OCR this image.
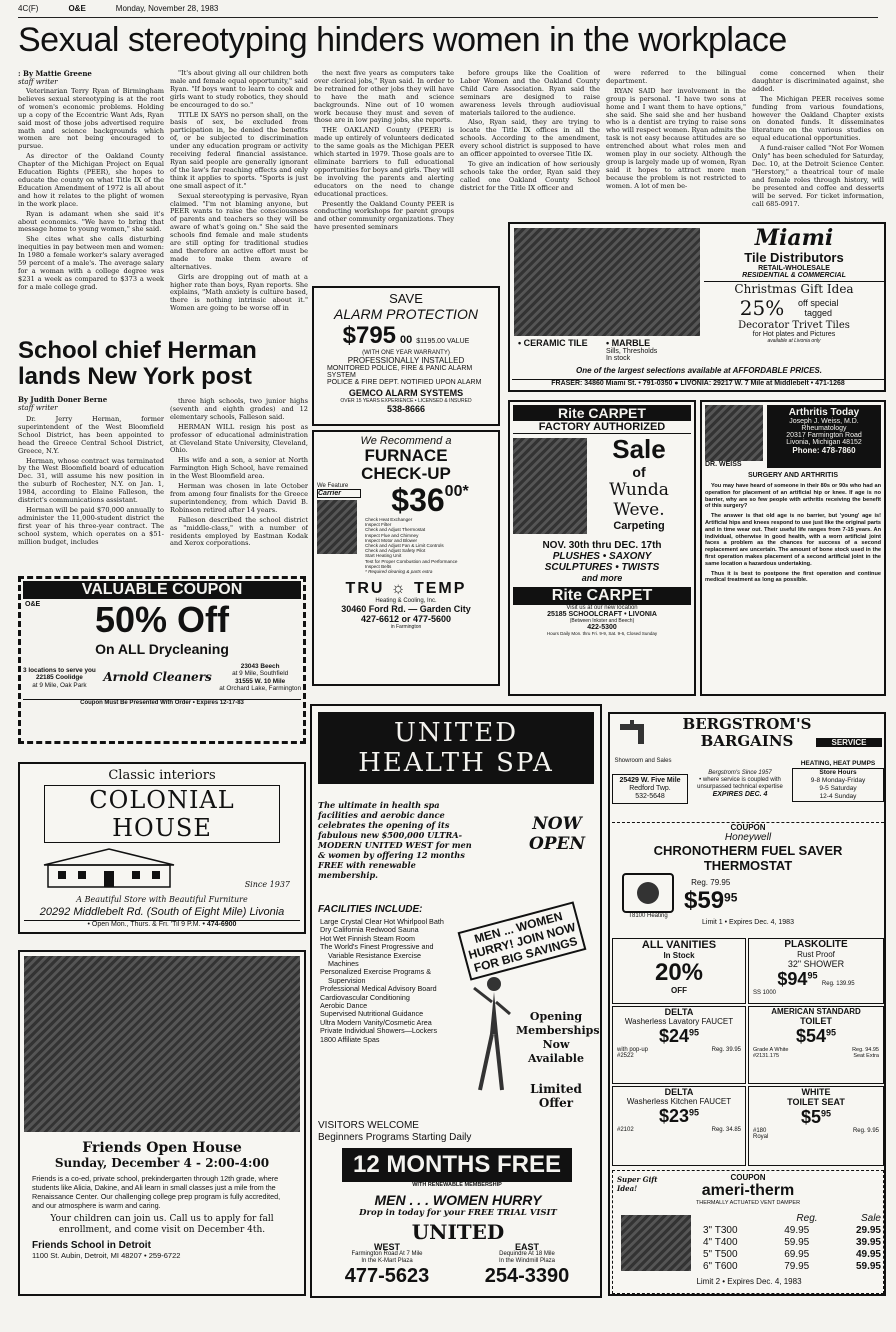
4C(F)	O&E	Monday, November 28, 1983
Sexual stereotyping hinders women in the workplace
: By Mattie Greene
staff writer

Veterinarian Terry Ryan of Birmingham believes sexual stereotyping is at the root of women's economic problems. Holding up a copy of the Eccentric Want Ads, Ryan said most of those jobs advertised require math and science backgrounds which women are not being encouraged to pursue.

As director of the Oakland County Chapter of the Michigan Project on Equal Education Rights (PEER), she hopes to educate the county on what Title IX of the Education Amendment of 1972 is all about and how it relates to the plight of women in the work place.

Ryan is adamant when she said it's about economics. "We have to bring that message home to young women," she said.

She cites what she calls disturbing inequities in pay between men and women: In 1980 a female worker's salary averaged 59 percent of a male's. The average salary for a woman with a college degree was $231 a week as compared to $373 a week for a male college grad.

"It's about giving all our children both male and female equal opportunity," said Ryan. "If boys want to learn to cook and girls want to study robotics, they should be encouraged to do so."

TITLE IX SAYS no person shall, on the basis of sex, be excluded from participation in, be denied the benefits of, or be subjected to discrimination under any education program or activity receiving federal financial assistance. Ryan said people are generally ignorant of the law's far reaching effects and only think it applies to sports. "Sports is just one small aspect of it."

Sexual stereotyping is pervasive, Ryan claimed. "I'm not blaming anyone, but PEER wants to raise the consciousness of parents and teachers so they will be aware of what's going on." She said the schools find female and male students are still opting for traditional studies and therefore an active effort must be made to make them aware of alternatives.

Girls are dropping out of math at a higher rate than boys, Ryan reports. She explains, "Math anxiety is culture based, there is nothing intrinsic about it." Women are going to be worse off in

the next five years as computers take over clerical jobs," Ryan said. In order to be retrained for other jobs they will have to have the math and science backgrounds. Nine out of 10 women work because they must and seven of those are in low paying jobs, she reports.

THE OAKLAND County (PEER) is made up entirely of volunteers dedicated to the same goals as the Michigan PEER which started in 1979. Those goals are to eliminate barriers to full educational opportunities for boys and girls. They will be involving the parents and alerting educators on the need to change educational practices.

Presently the Oakland County PEER is conducting workshops for parent groups and other community organizations. They have presented seminars

before groups like the Coalition of Labor Women and the Oakland County Child Care Association. Ryan said the seminars are designed to raise awareness levels through audiovisual materials tailored to the audience.

Also, Ryan said, they are trying to locate the Title IX offices in all the schools. According to the amendment, every school district is supposed to have an officer appointed to oversee Title IX.

To give an indication of how seriously schools take the order, Ryan said they called one Oakland County School district for the Title IX officer and

were referred to the bilingual department.

RYAN SAID her involvement in the group is personal. "I have two sons at home and I want them to have options," she said. She said she and her husband who is a dentist are trying to raise sons who will respect women. Ryan admits the task is not easy because attitudes are so entrenched about what roles men and women play in our society. Although the group is largely made up of women, Ryan said it hopes to attract more men because the problem is not restricted to women. A lot of men be-

come concerned when their daughter is discriminated against, she added.

The Michigan PEER receives some funding from various foundations, however the Oakland Chapter exists on donated funds. It disseminates literature on the various studies on equal educational opportunities.

A fund-raiser called "Not For Women Only" has been scheduled for Saturday, Dec. 10, at the Detroit Science Center. "Herstory," a theatrical tour of male and female roles through history, will be presented and coffee and desserts will be served. For ticket information, call 685-0917.

School chief Herman lands New York post
By Judith Doner Berne
staff writer

Dr. Jerry Herman, former superintendent of the West Bloomfield School District, has been appointed to head the Greece Central School District, Greece, N.Y.

Herman, whose contract was terminated by the West Bloomfield board of education Dec. 31, will assume his new position in the suburb of Rochester, N.Y. on Jan. 1, 1984, according to Elaine Falleson, the district's communications assistant.

Herman will be paid $70,000 annually to administer the 11,000-student district the first year of his three-year contract. The school system, which operates on a $51-million budget, includes

three high schools, two junior highs (seventh and eighth grades) and 12 elementary schools, Falleson said.

HERMAN WILL resign his post as professor of educational administration at Cleveland State University, Cleveland, Ohio.

His wife and a son, a senior at North Farmington High School, have remained in the West Bloomfield area.

Herman was chosen in late October from among four finalists for the Greece superintendency, from which David B. Robinson retired after 14 years.

Falleson described the school district as "middle-class," with a number of residents employed by Eastman Kodak and Xerox corporations.

SAVE
ALARM PROTECTION
$795 00 $1195.00 VALUE
(WITH ONE YEAR WARRANTY)
PROFESSIONALLY INSTALLED
MONITORED POLICE, FIRE & PANIC ALARM SYSTEM
POLICE & FIRE DEPT. NOTIFIED UPON ALARM
GEMCO ALARM SYSTEMS
OVER 15 YEARS EXPERIENCE • LICENSED & INSURED
538-8666
Miami
Tile Distributors
RETAIL-WHOLESALE
RESIDENTIAL & COMMERCIAL
Christmas Gift Idea
25%	off special tagged
Decorator Trivet Tiles
for Hot plates and Pictures
available at Livonia only
• CERAMIC TILE	• MARBLE
Sills, Thresholds
In stock
One of the largest selections available at AFFORDABLE PRICES.
FRASER: 34860 Miami St. • 791-0350 ● LIVONIA: 29217 W. 7 Mile at Middlebelt • 471-1268
We Recommend a
FURNACE
CHECK-UP
We Feature
Carrier	$36 00*
Check Heat Exchanger
Inspect Filter
Check and Adjust Thermostat
Inspect Flue and Chimney
Inspect Motor and Blower
Check and Adjust Fan & Limit Controls
Check and Adjust Safety Pilot
Start Heating Unit
Test for Proper Combustion and Performance
Inspect Belts
* Required cleaning & parts extra
TRU ☼ TEMP
Heating & Cooling, Inc.
30460 Ford Rd. — Garden City
427-6612 or 477-5600
in Farmington
Rite CARPET
FACTORY AUTHORIZED
Sale
of
Wunda Weve.
Carpeting
NOV. 30th thru DEC. 17th
PLUSHES • SAXONY
SCULPTURES • TWISTS
and more
Rite CARPET
Visit us at our new location
25185 SCHOOLCRAFT • LIVONIA
(Between Inkster and Beech)
422-5300
Hours Daily Mon. thru Fri. 9-9, Sat. 9-6, Closed Sunday
DR. WEISS
Arthritis Today
Joseph J. Weiss, M.D.
Rheumatology
20317 Farmington Road
Livonia, Michigan 48152
Phone: 478-7860
SURGERY AND ARTHRITIS

You may have heard of someone in their 80s or 90s who had an operation for placement of an artificial hip or knee. If age is no barrier, why are so few people with arthritis receiving the benefit of this surgery?

The answer is that old age is no barrier, but 'young' age is! Artificial hips and knees respond to use just like the original parts and in time wear out. Their useful life ranges from 7-15 years. An individual, otherwise in good health, with a worn artificial joint faces a problem as the chances for success of a second replacement are uncertain. The amount of bone stock used in the first operation makes placement of a second artificial joint in the same location a hazardous undertaking.

Thus it is best to postpone the first operation and continue medical treatment as long as possible.

VALUABLE COUPON
O&E	50% Off
On ALL Drycleaning
3 locations to serve you
22185 Coolidge
at 9 Mile, Oak Park
Arnold Cleaners
23043 Beech
at 9 Mile, Southfield
31555 W. 10 Mile
at Orchard Lake, Farmington
Coupon Must Be Presented With Order • Expires 12-17-83
Classic interiors
COLONIAL HOUSE
Since 1937
A Beautiful Store with Beautiful Furniture
20292 Middlebelt Rd. (South of Eight Mile) Livonia
• Open Mon., Thurs. & Fri. 'Til 9 P.M. • 474-6900
Friends Open House
Sunday, December 4 - 2:00-4:00
Friends is a co-ed, private school, prekindergarten through 12th grade, where students like Alicia, Dakine, and Ali learn in small classes just a mile from the Renaissance Center. Our challenging college prep program is fully accredited, and our atmosphere is warm and caring.
Your children can join us. Call us to apply for fall enrollment, and come visit on December 4th.
Friends School in Detroit
1100 St. Aubin, Detroit, MI 48207 • 259-6722
UNITED
HEALTH SPA
The ultimate in health spa facilities and aerobic dance celebrates the opening of its fabulous new $500,000 ULTRA-MODERN UNITED WEST for men & women by offering 12 months FREE with renewable membership.
NOW OPEN
FACILITIES INCLUDE:

Large Crystal Clear Hot Whirlpool Bath

Dry California Redwood Sauna

Hot Wet Finnish Steam Room

The World's Finest Progressive and Variable Resistance Exercise Machines

Personalized Exercise Programs & Supervision

Professional Medical Advisory Board

Cardiovascular Conditioning

Aerobic Dance

Supervised Nutritional Guidance

Ultra Modern Vanity/Cosmetic Area

Private Individual Showers—Lockers

1800 Affiliate Spas

MEN ... WOMEN HURRY! JOIN NOW FOR BIG SAVINGS
Opening Memberships Now Available
Limited Offer
VISITORS WELCOME
Beginners Programs Starting Daily
12 MONTHS FREE
WITH RENEWABLE MEMBERSHIP
MEN . . . WOMEN HURRY
Drop in today for your FREE TRIAL VISIT
UNITED
WEST
Farmington Road At 7 Mile
In the K-Mart Plaza
477-5623
EAST
Dequindre At 18 Mile
In the Windmill Plaza
254-3390
BERGSTROM'S
BARGAINS	SERVICE
Showroom and Sales
25429 W. Five Mile
Redford Twp.
532-5648
Bergstrom's Since 1957
• where service is coupled with unsurpassed technical expertise
EXPIRES DEC. 4
HEATING, HEAT PUMPS
Store Hours
9-8 Monday-Friday
9-5 Saturday
12-4 Sunday
COUPON
Honeywell
CHRONOTHERM FUEL SAVER
THERMOSTAT
T8100 Heating
Reg. 79.95
$\$59^{95}$
Limit 1 • Expires Dec. 4, 1983
ALL VANITIES
In Stock
20%
OFF
PLASKOLITE
Rust Proof
32" SHOWER
$\$94^{95}$ Reg. 139.95
SS 1000
DELTA
Washerless Lavatory FAUCET
$\$24^{95}$
with pop-up	Reg. 39.95
#2522
AMERICAN STANDARD
TOILET
$\$54^{95}$
Grade A White	Reg. 94.95
#2131.175	Seat Extra
DELTA
Washerless Kitchen FAUCET
$\$23^{95}$
#2102	Reg. 34.85
WHITE
TOILET SEAT
$\$5^{95}$
#180	Reg. 9.95
Royal
Super Gift Idea!
COUPON
ameri-therm
THERMALLY ACTUATED VENT DAMPER
Reg.	Sale
3" T300	49.95	29.95
4" T400	59.95	39.95
5" T500	69.95	49.95
6" T600	79.95	59.95
Limit 2 • Expires Dec. 4, 1983
